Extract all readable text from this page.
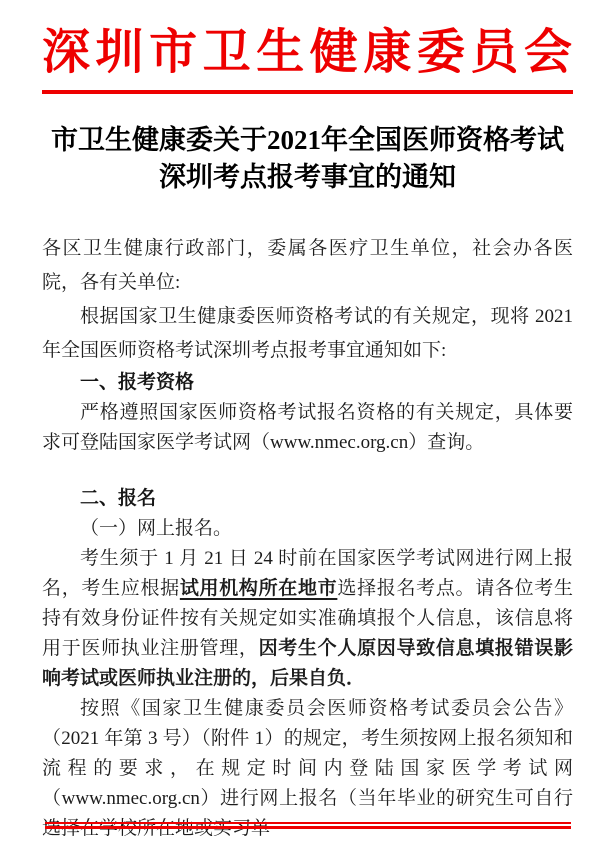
深圳市卫生健康委员会
市卫生健康委关于2021年全国医师资格考试
深圳考点报考事宜的通知

各区卫生健康行政部门，委属各医疗卫生单位，社会办各医院，各有关单位:

根据国家卫生健康委医师资格考试的有关规定，现将 2021 年全国医师资格考试深圳考点报考事宜通知如下:

一、报考资格

严格遵照国家医师资格考试报名资格的有关规定，具体要求可登陆国家医学考试网（www.nmec.org.cn）查询。

二、报名

（一）网上报名。

考生须于 1 月 21 日 24 时前在国家医学考试网进行网上报名，考生应根据试用机构所在地市选择报名考点。请各位考生持有效身份证件按有关规定如实准确填报个人信息，该信息将用于医师执业注册管理，因考生个人原因导致信息填报错误影响考试或医师执业注册的，后果自负．

按照《国家卫生健康委员会医师资格考试委员会公告》（2021 年第 3 号）（附件 1）的规定，考生须按网上报名须知和流程的要求，在规定时间内登陆国家医学考试网（www.nmec.org.cn）进行网上报名（当年毕业的研究生可自行选择在学校所在地或实习单
